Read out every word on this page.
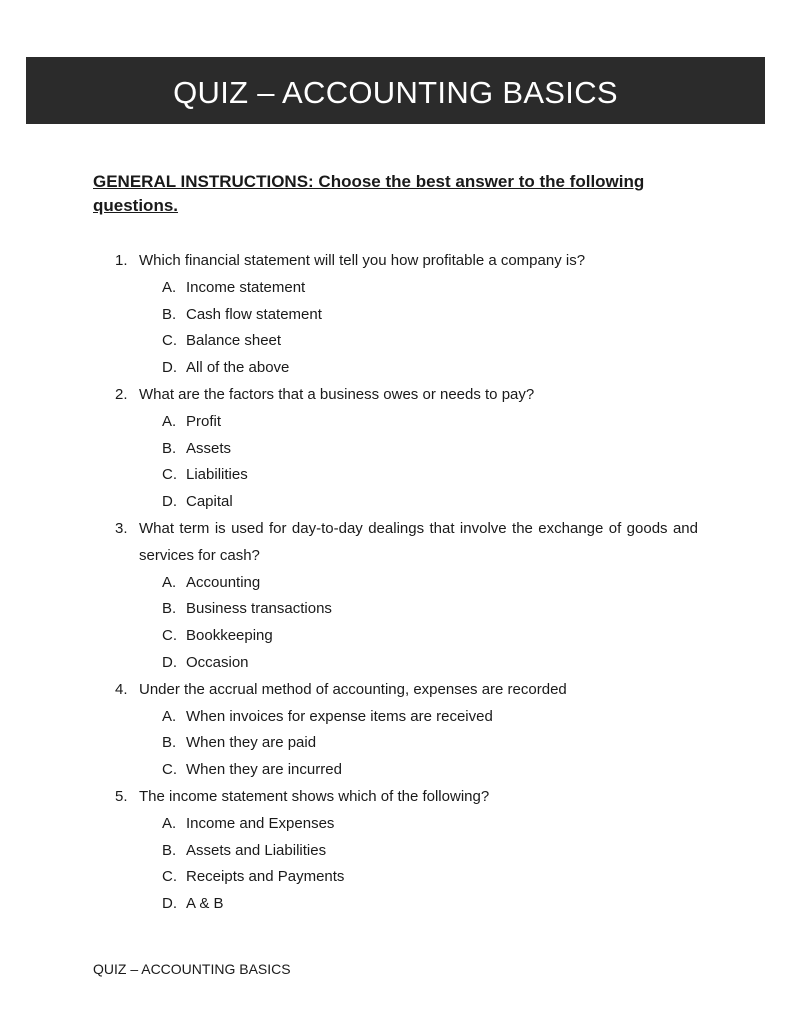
QUIZ – ACCOUNTING BASICS

GENERAL INSTRUCTIONS: Choose the best answer to the following questions.

1. Which financial statement will tell you how profitable a company is?
A. Income statement
B. Cash flow statement
C. Balance sheet
D. All of the above
2. What are the factors that a business owes or needs to pay?
A. Profit
B. Assets
C. Liabilities
D. Capital
3. What term is used for day-to-day dealings that involve the exchange of goods and services for cash?
A. Accounting
B. Business transactions
C. Bookkeeping
D. Occasion
4. Under the accrual method of accounting, expenses are recorded
A. When invoices for expense items are received
B. When they are paid
C. When they are incurred
5. The income statement shows which of the following?
A. Income and Expenses
B. Assets and Liabilities
C. Receipts and Payments
D. A & B
QUIZ – ACCOUNTING BASICS
